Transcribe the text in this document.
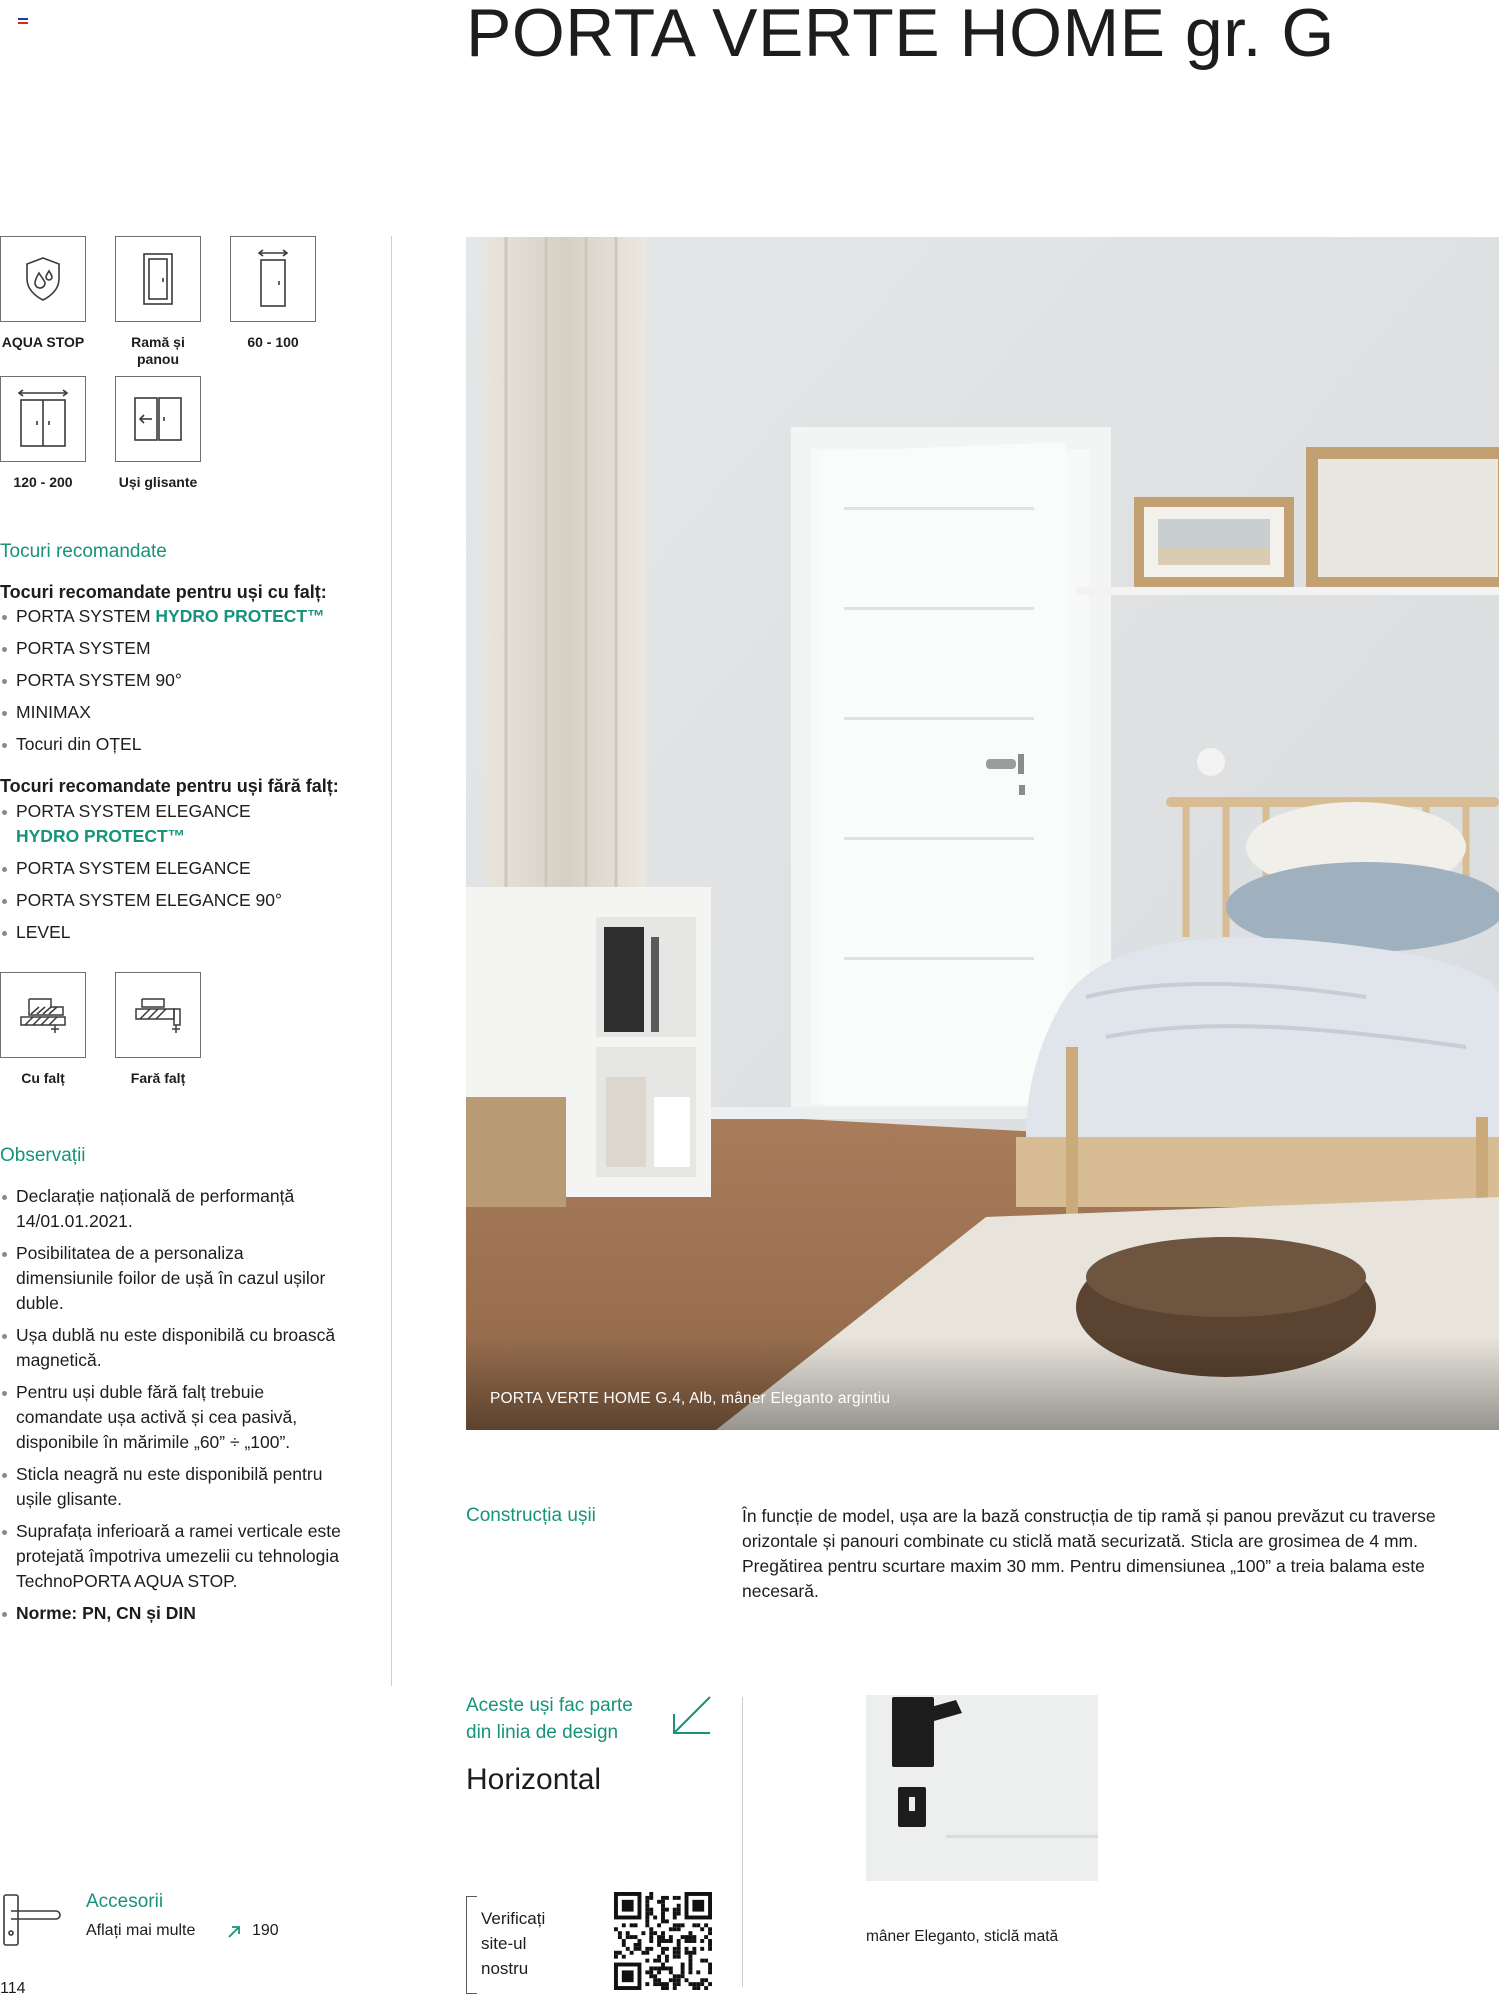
PORTA VERTE HOME gr. G
AQUA STOP	Ramă și panou
60 - 100
120 - 200	Uși glisante
Tocuri recomandate
Tocuri recomandate pentru uși cu falț:
PORTA SYSTEM HYDRO PROTECT™
PORTA SYSTEM
PORTA SYSTEM 90°
MINIMAX
Tocuri din OȚEL
Tocuri recomandate pentru uși fără falț:
PORTA SYSTEM ELEGANCE
HYDRO PROTECT™
PORTA SYSTEM ELEGANCE
PORTA SYSTEM ELEGANCE 90°
LEVEL
Cu falț	Fară falț
Observații
Declarație națională de performanță 14/01.01.2021.
Posibilitatea de a personaliza dimensiunile foilor de ușă în cazul ușilor duble.
Ușa dublă nu este disponibilă cu broască magnetică.
Pentru uși duble fără falț trebuie comandate ușa activă și cea pasivă, disponibile în mărimile „60” ÷ „100”.
Sticla neagră nu este disponibilă pentru ușile glisante.
Suprafața inferioară a ramei verticale este protejată împotriva umezelii cu tehnologia TechnoPORTA AQUA STOP.
Norme: PN, CN și DIN
PORTA VERTE HOME G.4, Alb, mâner Eleganto argintiu
Construcția ușii	În funcție de model, ușa are la bază construcția de tip ramă și panou prevăzut cu traverse orizontale și panouri combinate cu sticlă mată securizată. Sticla are grosimea de 4 mm. Pregătirea pentru scurtare maxim 30 mm. Pentru dimensiunea „100” a treia balama este necesară.
Aceste uși fac parte
din linia de design
Horizontal
mâner Eleganto, sticlă mată
Verificați
site-ul
nostru
Accesorii
Aflați mai multe	190
114
